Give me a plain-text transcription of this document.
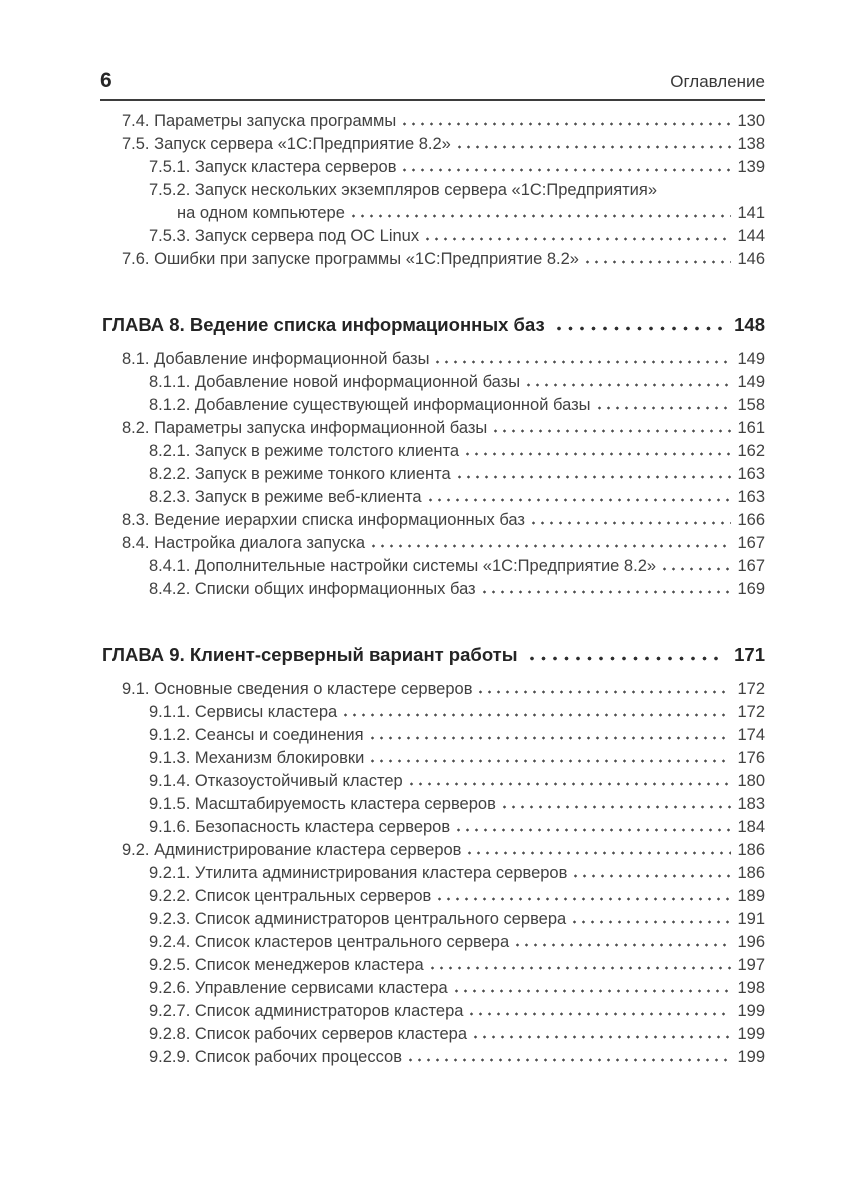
6	Оглавление
7.4. Параметры запуска программы	130
7.5. Запуск сервера «1С:Предприятие 8.2»	138
7.5.1. Запуск кластера серверов	139
7.5.2. Запуск нескольких экземпляров сервера «1С:Предприятия»
на одном компьютере	141
7.5.3. Запуск сервера под ОС Linux	144
7.6. Ошибки при запуске программы «1С:Предприятие 8.2»	146
ГЛАВА 8. Ведение списка информационных баз	148
8.1. Добавление информационной базы	149
8.1.1. Добавление новой информационной базы	149
8.1.2. Добавление существующей информационной базы	158
8.2. Параметры запуска информационной базы	161
8.2.1. Запуск в режиме толстого клиента	162
8.2.2. Запуск в режиме тонкого клиента	163
8.2.3. Запуск в режиме веб-клиента	163
8.3. Ведение иерархии списка информационных баз	166
8.4. Настройка диалога запуска	167
8.4.1. Дополнительные настройки системы «1С:Предприятие 8.2»	167
8.4.2. Списки общих информационных баз	169
ГЛАВА 9. Клиент-серверный вариант работы	171
9.1. Основные сведения о кластере серверов	172
9.1.1. Сервисы кластера	172
9.1.2. Сеансы и соединения	174
9.1.3. Механизм блокировки	176
9.1.4. Отказоустойчивый кластер	180
9.1.5. Масштабируемость кластера серверов	183
9.1.6. Безопасность кластера серверов	184
9.2. Администрирование кластера серверов	186
9.2.1. Утилита администрирования кластера серверов	186
9.2.2. Список центральных серверов	189
9.2.3. Список администраторов центрального сервера	191
9.2.4. Список кластеров центрального сервера	196
9.2.5. Список менеджеров кластера	197
9.2.6. Управление сервисами кластера	198
9.2.7. Список администраторов кластера	199
9.2.8. Список рабочих серверов кластера	199
9.2.9. Список рабочих процессов	199
